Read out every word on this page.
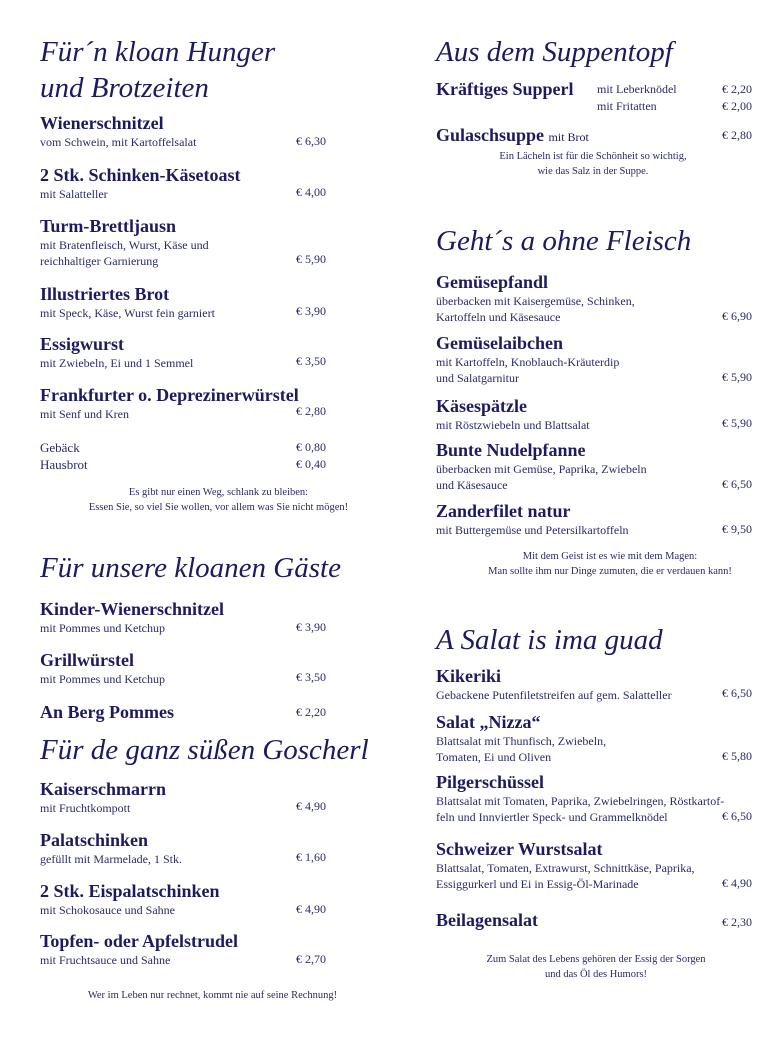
Für´n kloan Hunger
und Brotzeiten
Wienerschnitzel
vom Schwein, mit Kartoffelsalat	€ 6,30
2 Stk. Schinken-Käsetoast
mit Salatteller	€ 4,00
Turm-Brettljausn
mit Bratenfleisch, Wurst, Käse und
reichhaltiger Garnierung	€ 5,90
Illustriertes Brot
mit Speck, Käse, Wurst fein garniert	€ 3,90
Essigwurst
mit Zwiebeln, Ei und 1 Semmel	€ 3,50
Frankfurter o. Deprezinerwürstel
mit Senf und Kren	€ 2,80
Gebäck	€ 0,80
Hausbrot	€ 0,40
Es gibt nur einen Weg, schlank zu bleiben:
Essen Sie, so viel Sie wollen, vor allem was Sie nicht mögen!
Für unsere kloanen Gäste
Kinder-Wienerschnitzel
mit Pommes und Ketchup	€ 3,90
Grillwürstel
mit Pommes und Ketchup	€ 3,50
An Berg Pommes	€ 2,20
Für de ganz süßen Goscherl
Kaiserschmarrn
mit Fruchtkompott	€ 4,90
Palatschinken
gefüllt mit Marmelade, 1 Stk.	€ 1,60
2 Stk. Eispalatschinken
mit Schokosauce und Sahne	€ 4,90
Topfen- oder Apfelstrudel
mit Fruchtsauce und Sahne	€ 2,70
Wer im Leben nur rechnet, kommt nie auf seine Rechnung!
Aus dem Suppentopf
Kräftiges Supperl	mit Leberknödel	€ 2,20
mit Fritatten	€ 2,00
Gulaschsuppe mit Brot	€ 2,80
Ein Lächeln ist für die Schönheit so wichtig,
wie das Salz in der Suppe.
Geht´s a ohne Fleisch
Gemüsepfandl
überbacken mit Kaisergemüse, Schinken,
Kartoffeln und Käsesauce	€ 6,90
Gemüselaibchen
mit Kartoffeln, Knoblauch-Kräuterdip
und Salatgarnitur	€ 5,90
Käsespätzle
mit Röstzwiebeln und Blattsalat	€ 5,90
Bunte Nudelpfanne
überbacken mit Gemüse, Paprika, Zwiebeln
und Käsesauce	€ 6,50
Zanderfilet natur
mit Buttergemüse und Petersilkartoffeln	€ 9,50
Mit dem Geist ist es wie mit dem Magen:
Man sollte ihm nur Dinge zumuten, die er verdauen kann!
A Salat is ima guad
Kikeriki
Gebackene Putenfiletstreifen auf gem. Salatteller	€ 6,50
Salat „Nizza“
Blattsalat mit Thunfisch, Zwiebeln,
Tomaten, Ei und Oliven	€ 5,80
Pilgerschüssel
Blattsalat mit Tomaten, Paprika, Zwiebelringen, Röstkartof-
feln und Innviertler Speck- und Grammelknödel	€ 6,50
Schweizer Wurstsalat
Blattsalat, Tomaten, Extrawurst, Schnittkäse, Paprika,
Essiggurkerl und Ei in Essig-Öl-Marinade	€ 4,90
Beilagensalat	€ 2,30
Zum Salat des Lebens gehören der Essig der Sorgen
und das Öl des Humors!
